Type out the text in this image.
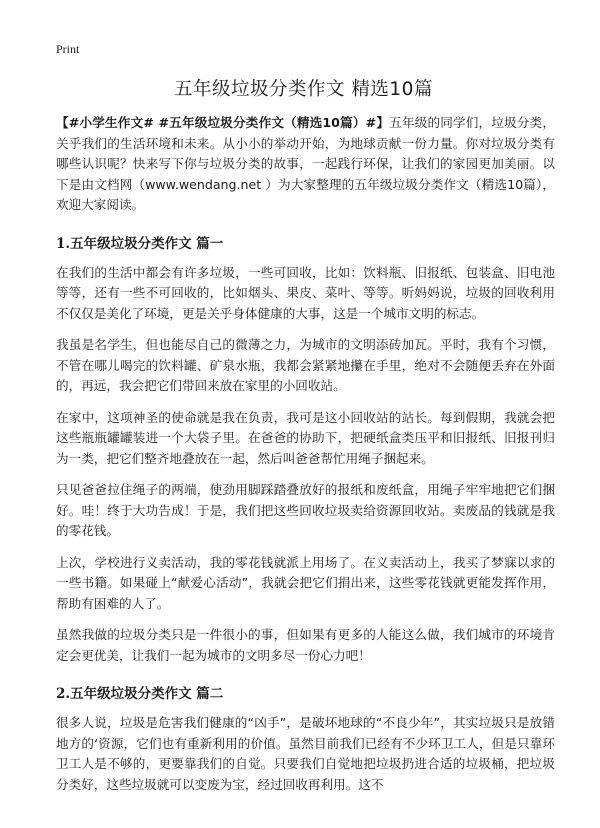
Print
五年级垃圾分类作文 精选10篇

【#小学生作文# #五年级垃圾分类作文（精选10篇）#】五年级的同学们，垃圾分类，关乎我们的生活环境和未来。从小小的举动开始，为地球贡献一份力量。你对垃圾分类有哪些认识呢？快来写下你与垃圾分类的故事，一起践行环保，让我们的家园更加美丽。以下是由文档网（www.wendang.net ）为大家整理的五年级垃圾分类作文（精选10篇），欢迎大家阅读。

1.五年级垃圾分类作文 篇一

在我们的生活中都会有许多垃圾，一些可回收，比如：饮料瓶、旧报纸、包装盒、旧电池等等，还有一些不可回收的，比如烟头、果皮、菜叶、等等。听妈妈说，垃圾的回收利用不仅仅是美化了环境，更是关乎身体健康的大事，这是一个城市文明的标志。

我虽是名学生，但也能尽自己的微薄之力，为城市的文明添砖加瓦。平时，我有个习惯，不管在哪儿喝完的饮料罐、矿泉水瓶，我都会紧紧地攥在手里，绝对不会随便丢弃在外面的，再远，我会把它们带回来放在家里的小回收站。

在家中，这项神圣的使命就是我在负责，我可是这小回收站的站长。每到假期，我就会把这些瓶瓶罐罐装进一个大袋子里。在爸爸的协助下，把硬纸盒类压平和旧报纸、旧报刊归为一类，把它们整齐地叠放在一起，然后叫爸爸帮忙用绳子捆起来。

只见爸爸拉住绳子的两端，使劲用脚踩踏叠放好的报纸和废纸盒，用绳子牢牢地把它们捆好。哇！终于大功告成！于是，我们把这些回收垃圾卖给资源回收站。卖废品的钱就是我的零花钱。

上次，学校进行义卖活动，我的零花钱就派上用场了。在义卖活动上，我买了梦寐以求的一些书籍。如果碰上“献爱心活动”，我就会把它们捐出来，这些零花钱就更能发挥作用，帮助有困难的人了。

虽然我做的垃圾分类只是一件很小的事，但如果有更多的人能这么做，我们城市的环境肯定会更优美，让我们一起为城市的文明多尽一份心力吧！

2.五年级垃圾分类作文 篇二

很多人说，垃圾是危害我们健康的“凶手”，是破坏地球的“不良少年”，其实垃圾只是放错地方的‘资源，它们也有重新利用的价值。虽然目前我们已经有不少环卫工人，但是只靠环卫工人是不够的，更要靠我们的自觉。只要我们自觉地把垃圾扔进合适的垃圾桶，把垃圾分类好，这些垃圾就可以变废为宝，经过回收再利用。这不
